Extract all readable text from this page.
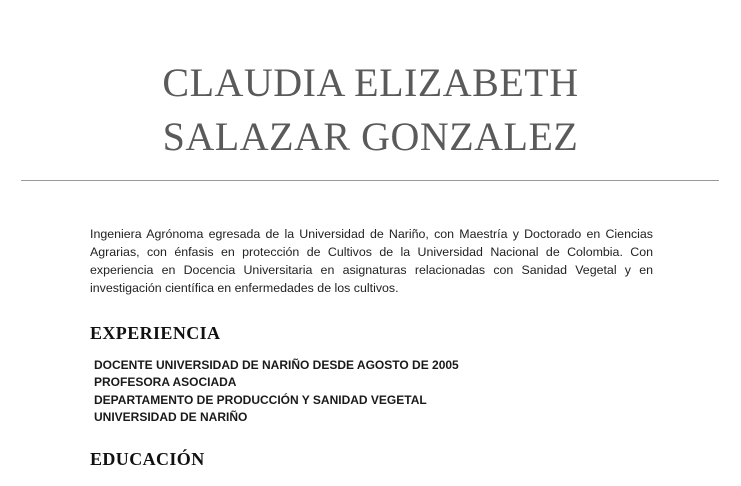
CLAUDIA ELIZABETH
SALAZAR GONZALEZ

Ingeniera Agrónoma egresada de la Universidad de Nariño, con Maestría y Doctorado en Ciencias Agrarias, con énfasis en protección de Cultivos de la Universidad Nacional de Colombia. Con experiencia en Docencia Universitaria en asignaturas relacionadas con Sanidad Vegetal y en investigación científica en enfermedades de los cultivos.

EXPERIENCIA
DOCENTE UNIVERSIDAD DE NARIÑO DESDE AGOSTO DE 2005
PROFESORA ASOCIADA
DEPARTAMENTO DE PRODUCCIÓN Y SANIDAD VEGETAL
UNIVERSIDAD DE NARIÑO
EDUCACIÓN
